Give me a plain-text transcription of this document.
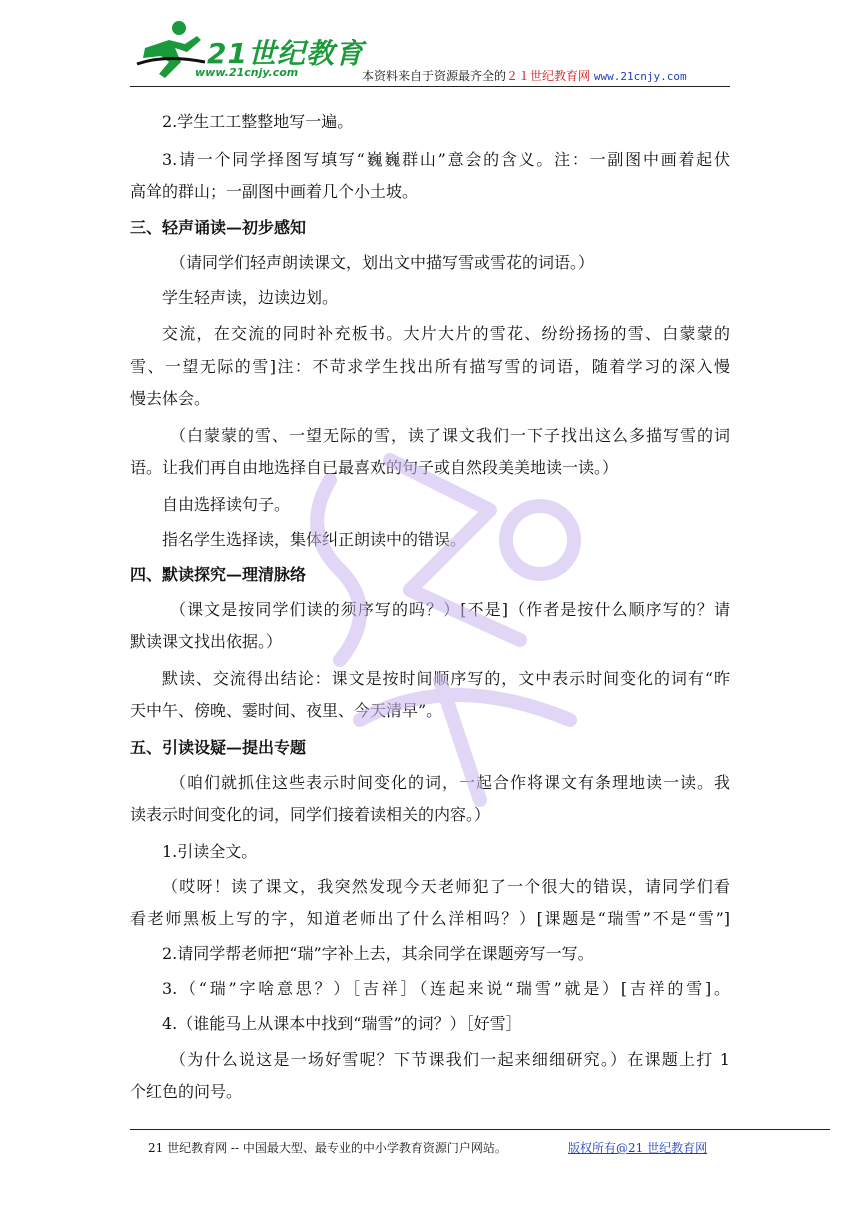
21世纪教育
www.21cnjy.com	本资料来自于资源最齐全的２１世纪教育网 www.21cnjy.com
2.学生工工整整地写一遍。
3.请一个同学择图写填写“巍巍群山”意会的含义。注：一副图中画着起伏
高耸的群山；一副图中画着几个小土坡。
三、轻声诵读—初步感知
（请同学们轻声朗读课文，划出文中描写雪或雪花的词语。）
学生轻声读，边读边划。
交流，在交流的同时补充板书。大片大片的雪花、纷纷扬扬的雪、白蒙蒙的
雪、一望无际的雪]注：不苛求学生找出所有描写雪的词语，随着学习的深入慢
慢去体会。
（白蒙蒙的雪、一望无际的雪，读了课文我们一下子找出这么多描写雪的词
语。让我们再自由地选择自已最喜欢的句子或自然段美美地读一读。）
自由选择读句子。
指名学生选择读，集体纠正朗读中的错误。
四、默读探究—理清脉络
（课文是按同学们读的须序写的吗？）[不是]（作者是按什么顺序写的？请
默读课文找出依据。）
默读、交流得出结论：课文是按时间顺序写的，文中表示时间变化的词有“昨
天中午、傍晚、霎时间、夜里、今天清早”。
五、引读设疑—提出专题
（咱们就抓住这些表示时间变化的词，一起合作将课文有条理地读一读。我
读表示时间变化的词，同学们接着读相关的内容。）
1.引读全文。
（哎呀！读了课文，我突然发现今天老师犯了一个很大的错误，请同学们看
看老师黑板上写的字，知道老师出了什么洋相吗？）[课题是“瑞雪”不是“雪”]
2.请同学帮老师把“瑞”字补上去，其余同学在课题旁写一写。
3.（“瑞”字啥意思？）［吉祥］（连起来说“瑞雪”就是）[吉祥的雪]。
4.（谁能马上从课本中找到“瑞雪”的词？）［好雪］
（为什么说这是一场好雪呢？下节课我们一起来细细研究。）在课题上打 1
个红色的问号。
21 世纪教育网 -- 中国最大型、最专业的中小学教育资源门户网站。	版权所有@21 世纪教育网
